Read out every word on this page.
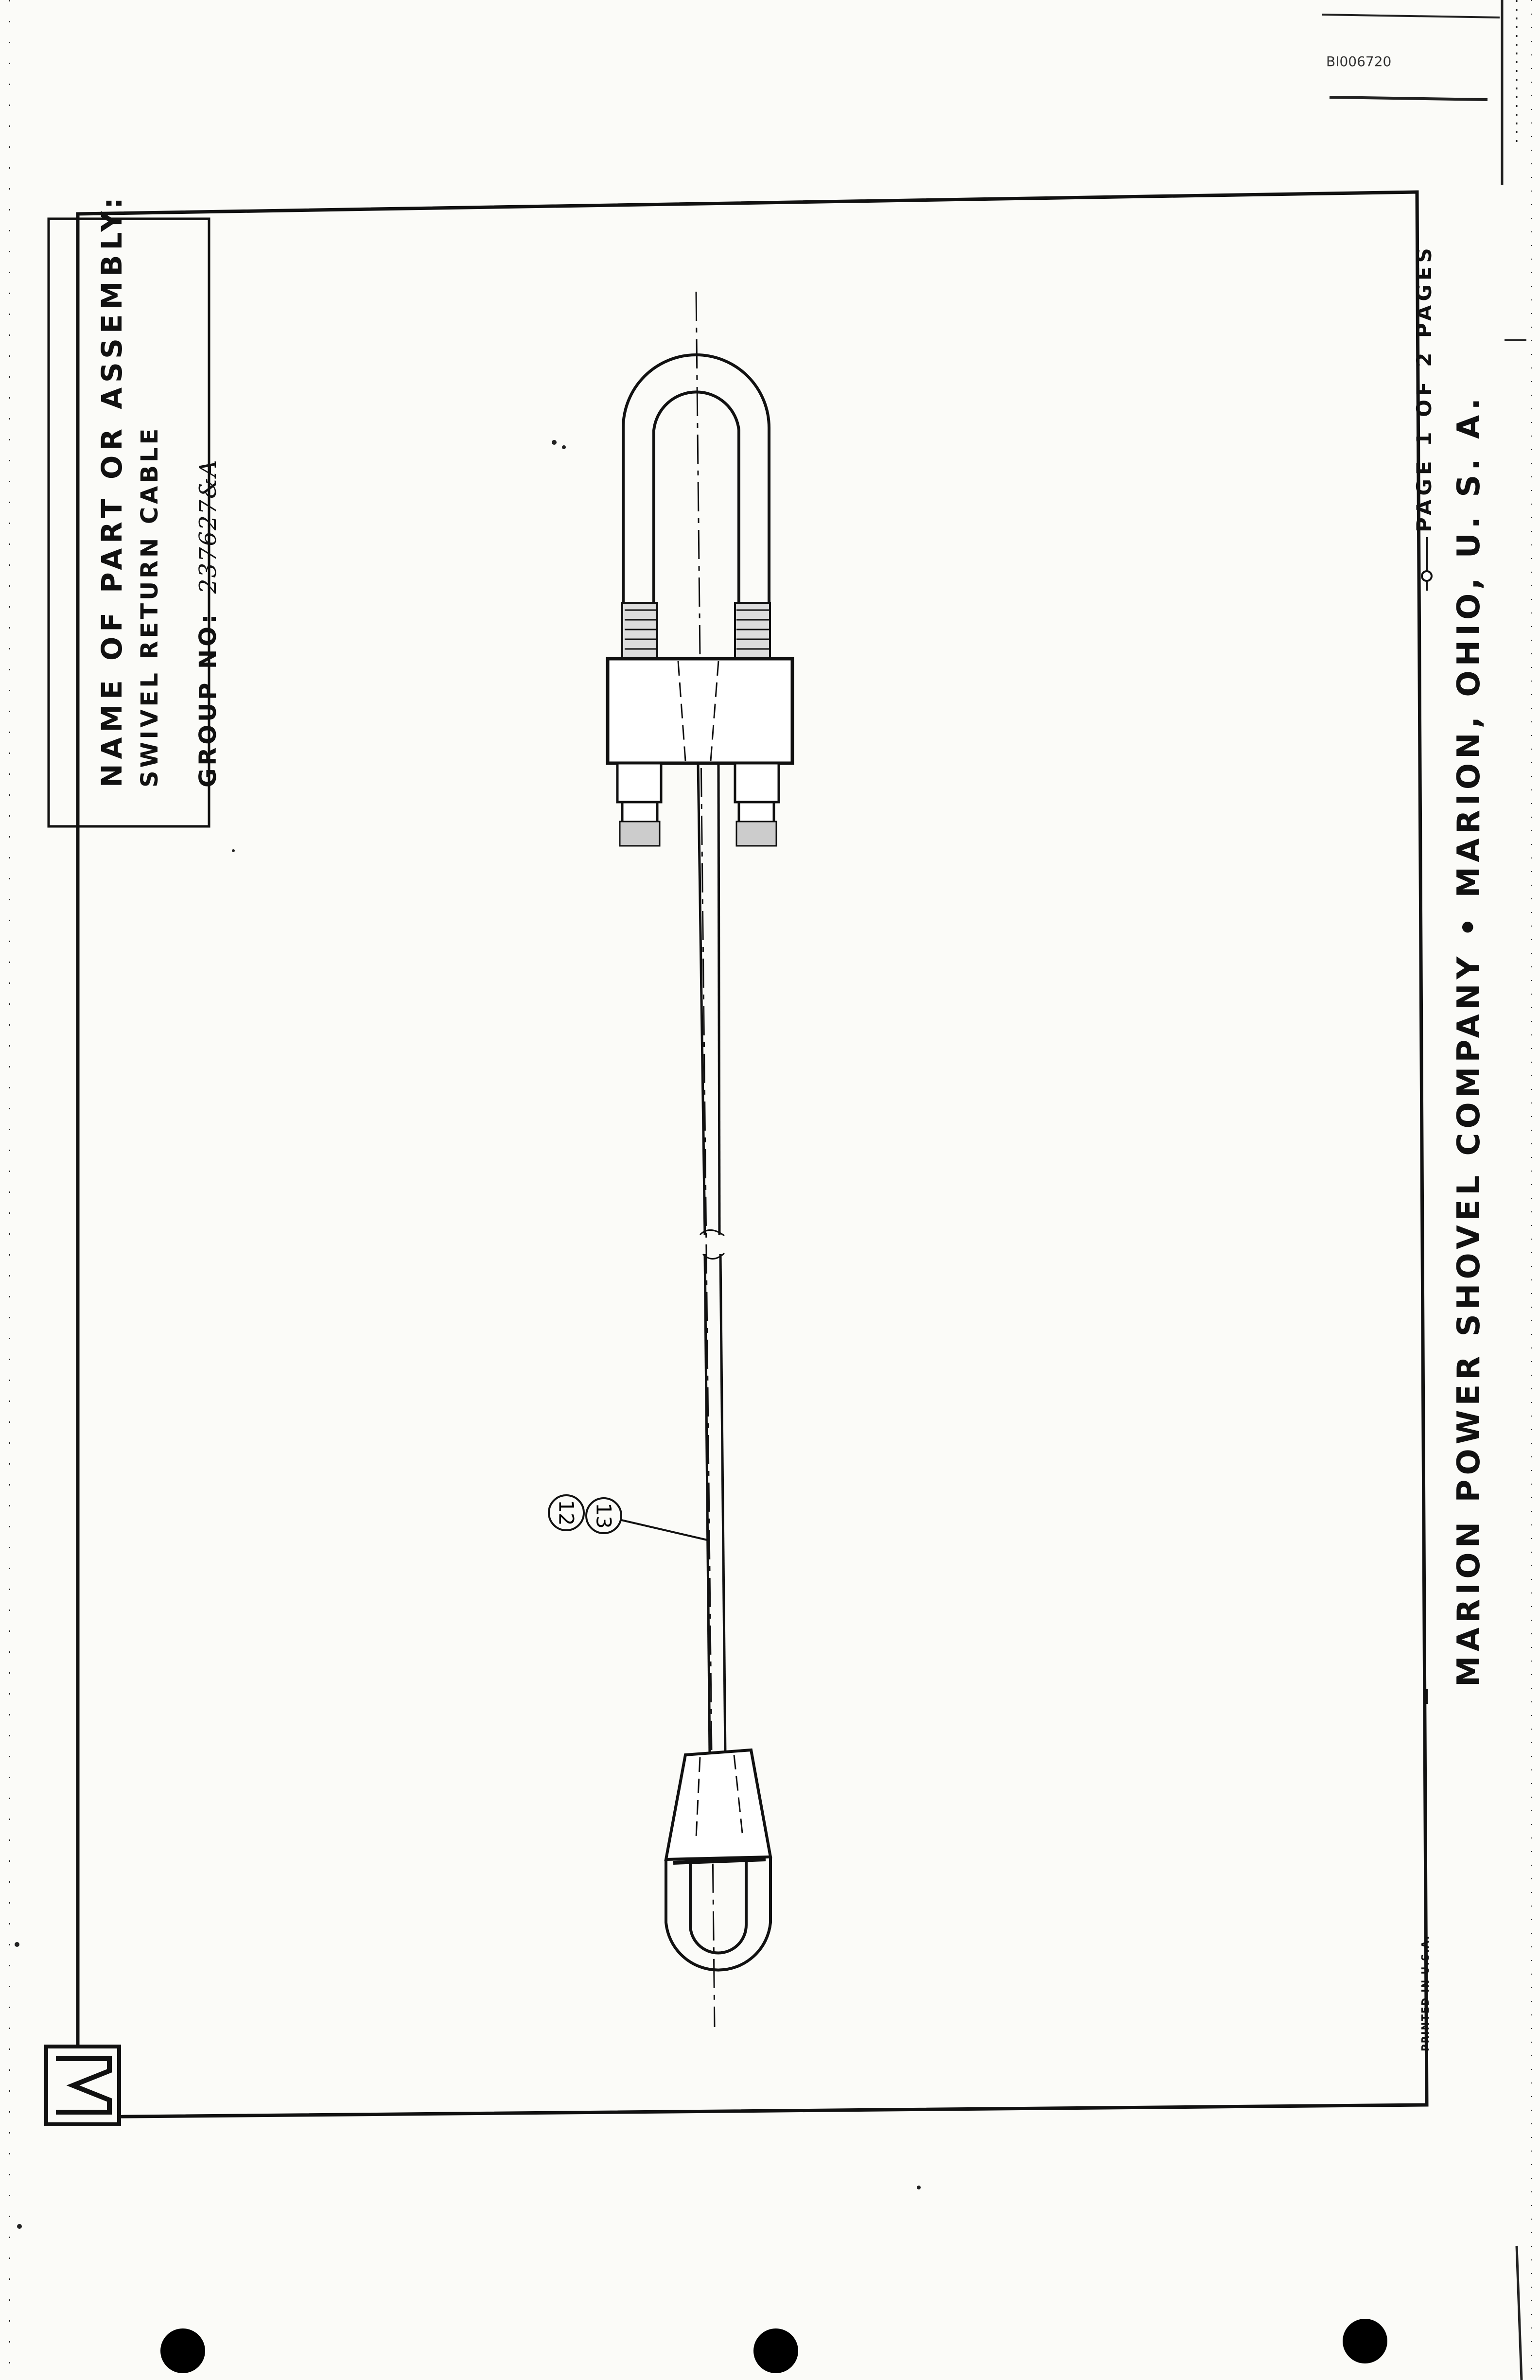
BI006720
12 13
NAME OF PART OR ASSEMBLY: SWIVEL RETURN CABLE GROUP NO: 237627&A	MARION POWER SHOVEL COMPANY • MARION, OHIO, U. S. A.
PAGE 1 OF 2 PAGES
PRINTED IN U.S.A.
